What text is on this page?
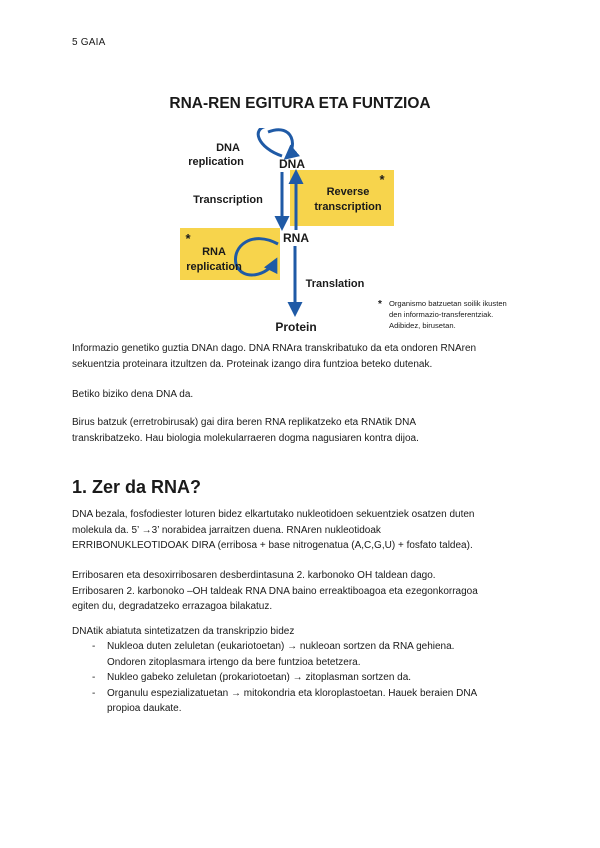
5 GAIA
RNA-REN EGITURA ETA FUNTZIOA
DNA
replication	DNA
Transcription
*
Reverse
transcription
*	RNA
RNA
replication
Translation
Protein
* Organismo batzuetan soilik ikusten
den informazio-transferentziak.
Adibidez, birusetan.

Informazio genetiko guztia DNAn dago. DNA RNAra transkribatuko da eta ondoren RNAren
sekuentzia proteinara itzultzen da. Proteinak izango dira funtzioa beteko dutenak.

Betiko biziko dena DNA da.

Birus batzuk (erretrobirusak) gai dira beren RNA replikatzeko eta RNAtik DNA
transkribatzeko. Hau biologia molekularraeren dogma nagusiaren kontra dijoa.

1. Zer da RNA?

DNA bezala, fosfodiester loturen bidez elkartutako nukleotidoen sekuentziek osatzen duten
molekula da. 5’ →3’ norabidea jarraitzen duena. RNAren nukleotidoak
ERRIBONUKLEOTIDOAK DIRA (erribosa + base nitrogenatua (A,C,G,U) + fosfato taldea).

Erribosaren eta desoxirribosaren desberdintasuna 2. karbonoko OH taldean dago.
Erribosaren 2. karbonoko –OH taldeak RNA DNA baino erreaktiboagoa eta ezegonkorragoa
egiten du, degradatzeko errazagoa bilakatuz.

DNAtik abiatuta sintetizatzen da transkripzio bidez

- Nukleoa duten zeluletan (eukariotoetan) → nukleoan sortzen da RNA gehiena.
Ondoren zitoplasmara irtengo da bere funtzioa betetzera.
- Nukleo gabeko zeluletan (prokariotoetan) → zitoplasman sortzen da.
- Organulu espezializatuetan → mitokondria eta kloroplastoetan. Hauek beraien DNA
propioa daukate.
